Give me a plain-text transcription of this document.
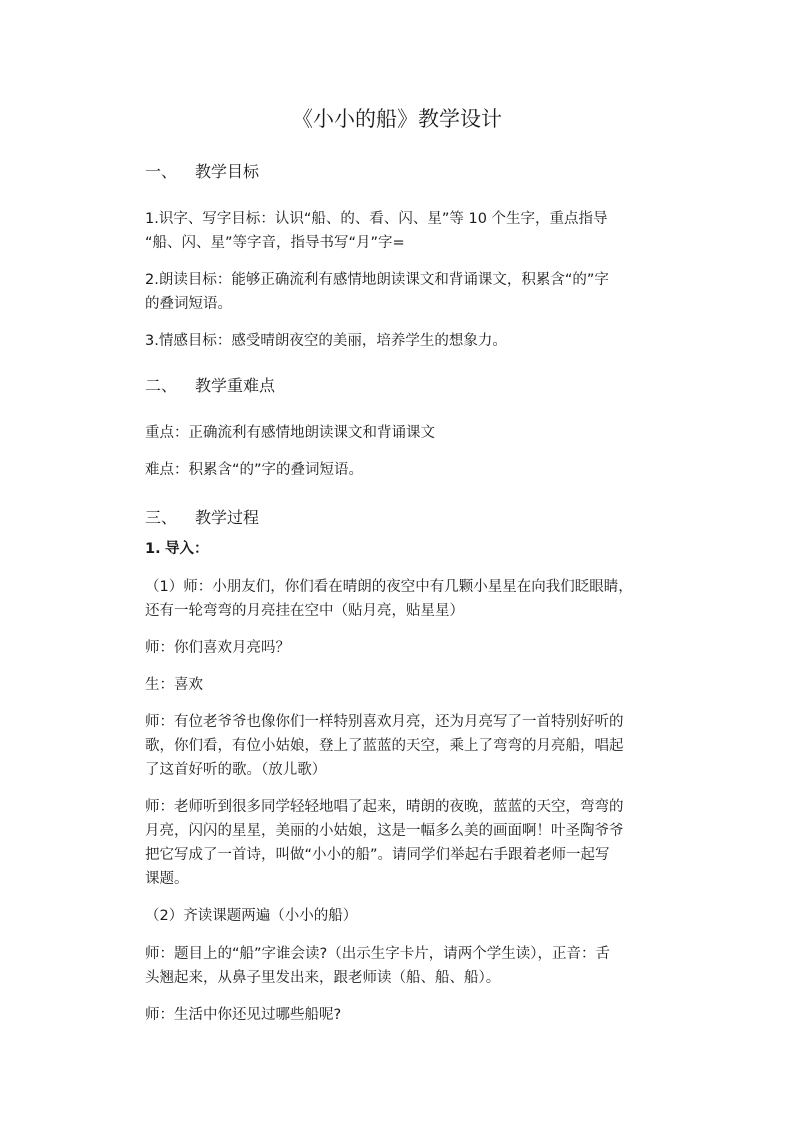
《小小的船》教学设计
一、 教学目标
1.识字、写字目标：认识“船、的、看、闪、星”等 10 个生字，重点指导
“船、闪、星”等字音，指导书写“月”字=
2.朗读目标：能够正确流利有感情地朗读课文和背诵课文，积累含“的”字
的叠词短语。
3.情感目标：感受晴朗夜空的美丽，培养学生的想象力。
二、 教学重难点
重点：正确流利有感情地朗读课文和背诵课文
难点：积累含“的”字的叠词短语。
三、 教学过程
1. 导入：
（1）师：小朋友们，你们看在晴朗的夜空中有几颗小星星在向我们眨眼睛，
还有一轮弯弯的月亮挂在空中（贴月亮，贴星星）
师：你们喜欢月亮吗？
生：喜欢
师：有位老爷爷也像你们一样特别喜欢月亮，还为月亮写了一首特别好听的
歌，你们看，有位小姑娘，登上了蓝蓝的天空，乘上了弯弯的月亮船，唱起
了这首好听的歌。（放儿歌）
师：老师听到很多同学轻轻地唱了起来，晴朗的夜晚，蓝蓝的天空，弯弯的
月亮，闪闪的星星，美丽的小姑娘，这是一幅多么美的画面啊！叶圣陶爷爷
把它写成了一首诗，叫做“小小的船”。请同学们举起右手跟着老师一起写
课题。
（2）齐读课题两遍（小小的船）
师：题目上的“船”字谁会读?（出示生字卡片，请两个学生读），正音：舌
头翘起来，从鼻子里发出来，跟老师读（船、船、船）。
师：生活中你还见过哪些船呢?
